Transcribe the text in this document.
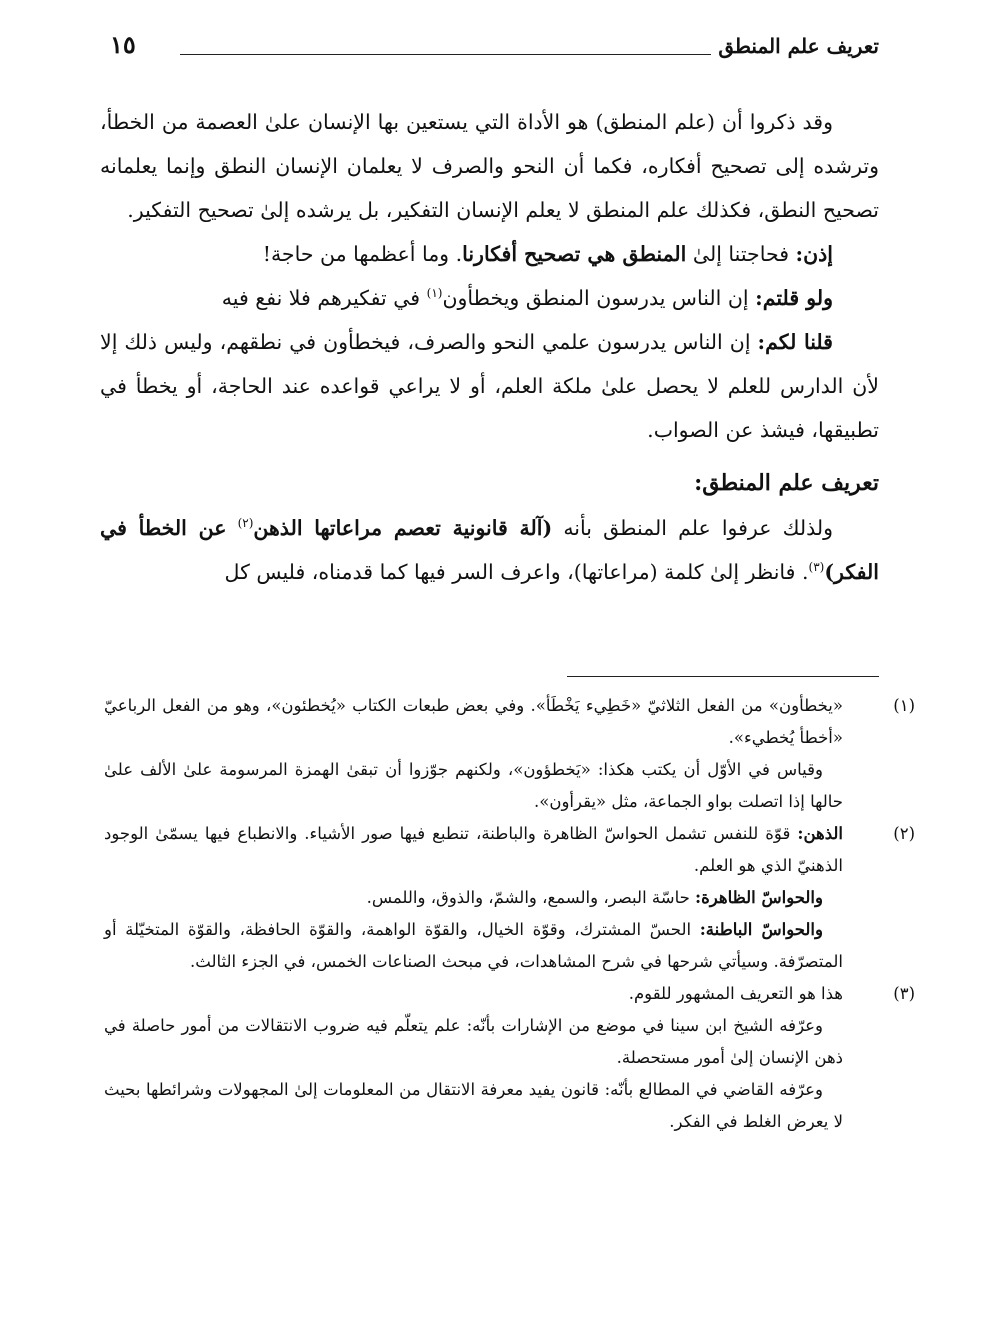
تعريف علم المنطق
١٥

وقد ذكروا أن (علم المنطق) هو الأداة التي يستعين بها الإنسان علىٰ العصمة من الخطأ، وترشده إلى تصحيح أفكاره، فكما أن النحو والصرف لا يعلمان الإنسان النطق وإنما يعلمانه تصحيح النطق، فكذلك علم المنطق لا يعلم الإنسان التفكير، بل يرشده إلىٰ تصحيح التفكير.

إذن: فحاجتنا إلىٰ المنطق هي تصحيح أفكارنا. وما أعظمها من حاجة!

ولو قلتم: إن الناس يدرسون المنطق ويخطأون$^{(١)}$ في تفكيرهم فلا نفع فيه

قلنا لكم: إن الناس يدرسون علمي النحو والصرف، فيخطأون في نطقهم، وليس ذلك إلا لأن الدارس للعلم لا يحصل علىٰ ملكة العلم، أو لا يراعي قواعده عند الحاجة، أو يخطأ في تطبيقها، فيشذ عن الصواب.

تعريف علم المنطق:

ولذلك عرفوا علم المنطق بأنه (آلة قانونية تعصم مراعاتها الذهن$^{(٢)}$ عن الخطأ في الفكر)$^{(٣)}$. فانظر إلىٰ كلمة (مراعاتها)، واعرف السر فيها كما قدمناه، فليس كل

(١)«يخطأون» من الفعل الثلاثيّ «خَطِيء يَخْطَأ». وفي بعض طبعات الكتاب «يُخطئون»، وهو من الفعل الرباعيّ «أخطأ يُخطيء».
وقياس في الأوّل أن يكتب هكذا: «يَخطؤون»، ولكنهم جوّزوا أن تبقىٰ الهمزة المرسومة علىٰ الألف علىٰ حالها إذا اتصلت بواو الجماعة، مثل «يقرأون».
(٢)الذهن: قوّة للنفس تشمل الحواسّ الظاهرة والباطنة، تنطبع فيها صور الأشياء. والانطباع فيها يسمّىٰ الوجود الذهنيّ الذي هو العلم.
والحواسّ الظاهرة: حاسّة البصر، والسمع، والشمّ، والذوق، واللمس.
والحواسّ الباطنة: الحسّ المشترك، وقوّة الخيال، والقوّة الواهمة، والقوّة الحافظة، والقوّة المتخيّلة أو المتصرّفة. وسيأتي شرحها في شرح المشاهدات، في مبحث الصناعات الخمس، في الجزء الثالث.
(٣)هذا هو التعريف المشهور للقوم.
وعرّفه الشيخ ابن سينا في موضع من الإشارات بأنّه: علم يتعلّم فيه ضروب الانتقالات من أمور حاصلة في ذهن الإنسان إلىٰ أمور مستحصلة.
وعرّفه القاضي في المطالع بأنّه: قانون يفيد معرفة الانتقال من المعلومات إلىٰ المجهولات وشرائطها بحيث لا يعرض الغلط في الفكر.
